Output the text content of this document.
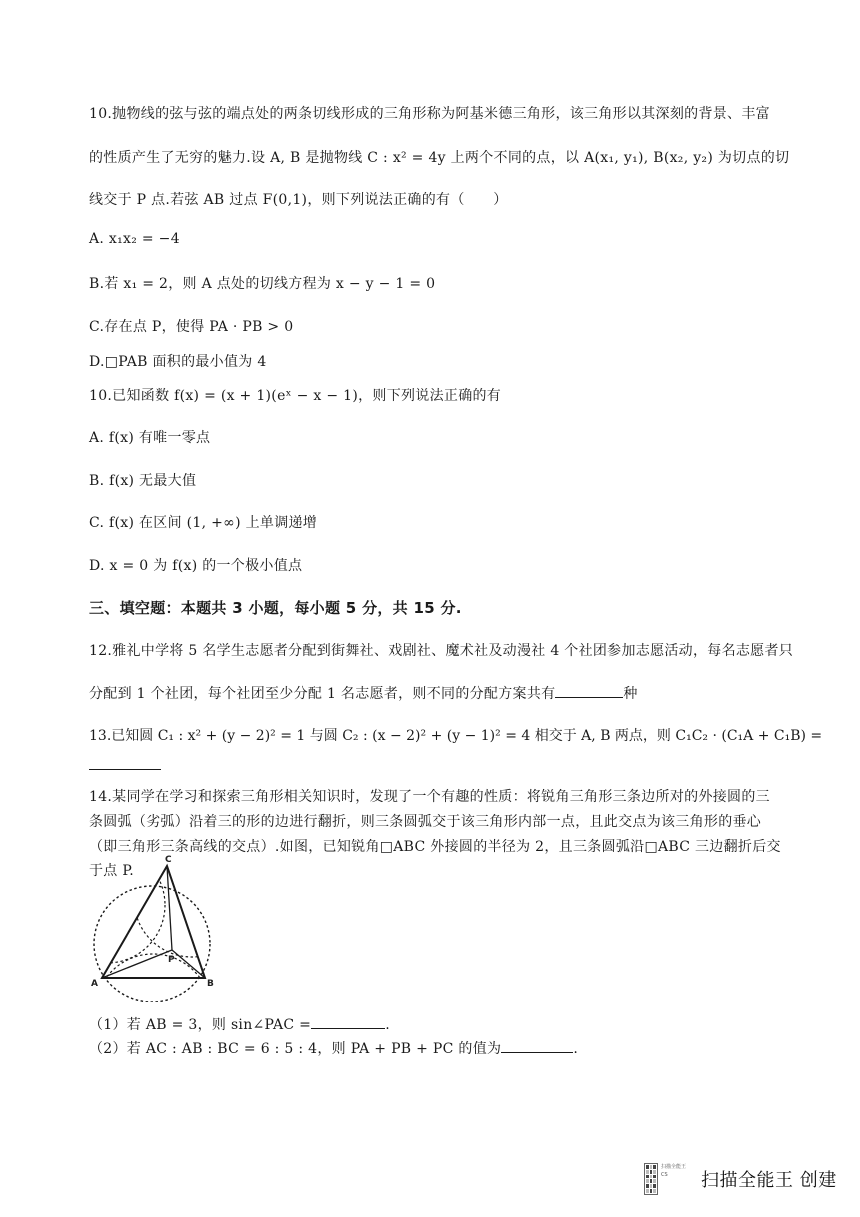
10.抛物线的弦与弦的端点处的两条切线形成的三角形称为阿基米德三角形，该三角形以其深刻的背景、丰富
的性质产生了无穷的魅力.设 A, B 是抛物线 C : x² = 4y 上两个不同的点，以 A(x₁, y₁), B(x₂, y₂) 为切点的切
线交于 P 点.若弦 AB 过点 F(0,1)，则下列说法正确的有（　　）
A. x₁x₂ = −4
B.若 x₁ = 2，则 A 点处的切线方程为 x − y − 1 = 0
C.存在点 P，使得 PA · PB > 0
D.□PAB 面积的最小值为 4
10.已知函数 f(x) = (x + 1)(eˣ − x − 1)，则下列说法正确的有
A. f(x) 有唯一零点
B. f(x) 无最大值
C. f(x) 在区间 (1, +∞) 上单调递增
D. x = 0 为 f(x) 的一个极小值点
三、填空题：本题共 3 小题，每小题 5 分，共 15 分.
12.雅礼中学将 5 名学生志愿者分配到街舞社、戏剧社、魔术社及动漫社 4 个社团参加志愿活动，每名志愿者只
分配到 1 个社团，每个社团至少分配 1 名志愿者，则不同的分配方案共有	种
13.已知圆 C₁ : x² + (y − 2)² = 1 与圆 C₂ : (x − 2)² + (y − 1)² = 4 相交于 A, B 两点，则 C₁C₂ · (C₁A + C₁B) =
14.某同学在学习和探索三角形相关知识时，发现了一个有趣的性质：将锐角三角形三条边所对的外接圆的三
条圆弧（劣弧）沿着三的形的边进行翻折，则三条圆弧交于该三角形内部一点，且此交点为该三角形的垂心
（即三角形三条高线的交点）.如图，已知锐角□ABC 外接圆的半径为 2，且三条圆弧沿□ABC 三边翻折后交
于点 P.
C
P
A	B
（1）若 AB = 3，则 sin∠PAC =	.
（2）若 AC : AB : BC = 6 : 5 : 4，则 PA + PB + PC 的值为	.
扫描全能王
CS	扫描全能王 创建
